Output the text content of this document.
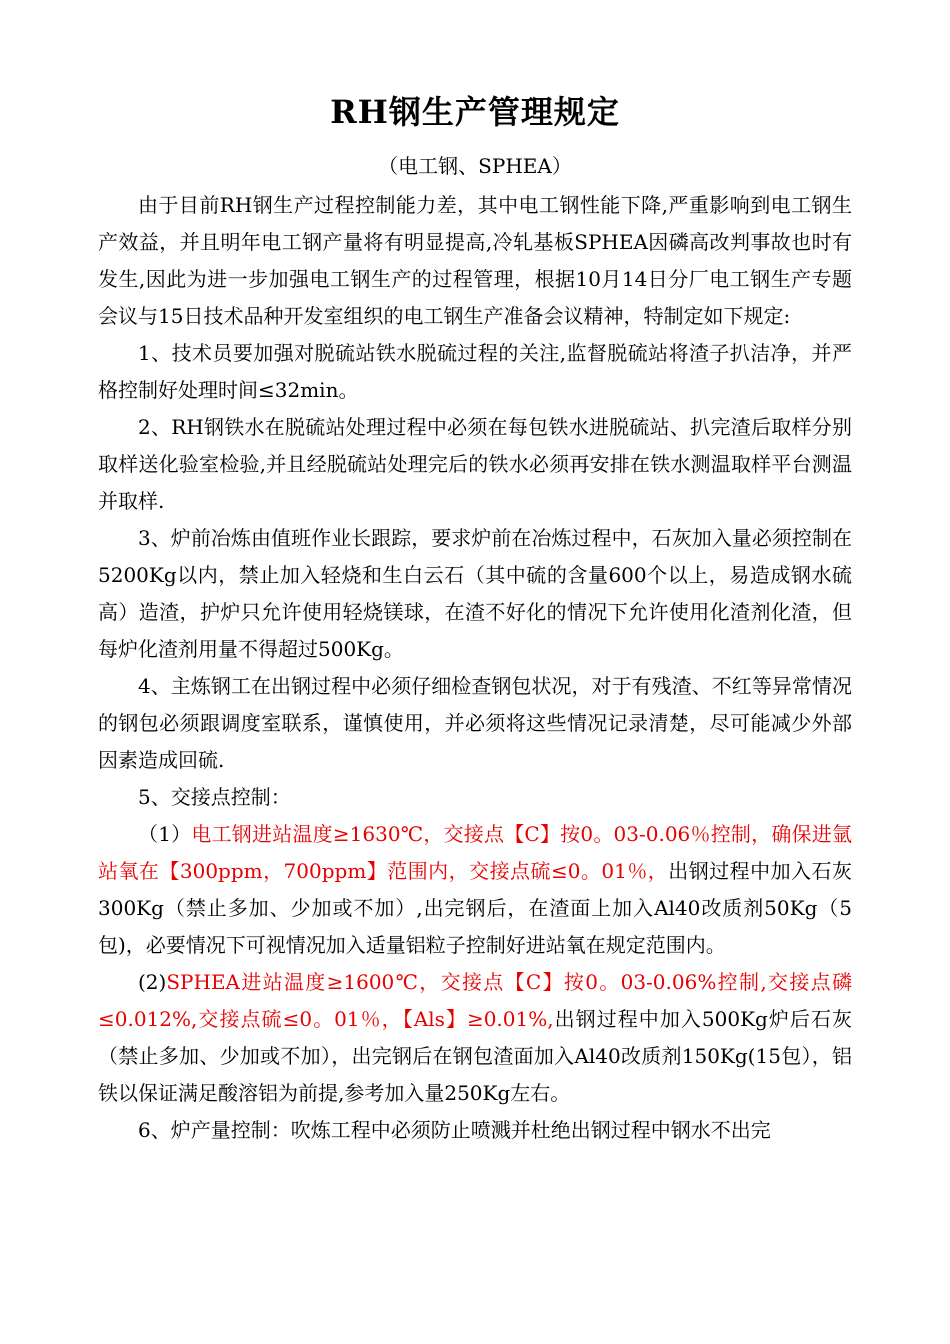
RH钢生产管理规定
（电工钢、SPHEA）

由于目前RH钢生产过程控制能力差，其中电工钢性能下降,严重影响到电工钢生产效益，并且明年电工钢产量将有明显提高,冷轧基板SPHEA因磷高改判事故也时有发生,因此为进一步加强电工钢生产的过程管理，根据10月14日分厂电工钢生产专题会议与15日技术品种开发室组织的电工钢生产准备会议精神，特制定如下规定:

1、技术员要加强对脱硫站铁水脱硫过程的关注,监督脱硫站将渣子扒洁净，并严格控制好处理时间≤32min。

2、RH钢铁水在脱硫站处理过程中必须在每包铁水进脱硫站、扒完渣后取样分别取样送化验室检验,并且经脱硫站处理完后的铁水必须再安排在铁水测温取样平台测温并取样.

3、炉前冶炼由值班作业长跟踪，要求炉前在冶炼过程中，石灰加入量必须控制在5200Kg以内，禁止加入轻烧和生白云石（其中硫的含量600个以上，易造成钢水硫高）造渣，护炉只允许使用轻烧镁球，在渣不好化的情况下允许使用化渣剂化渣，但每炉化渣剂用量不得超过500Kg。

4、主炼钢工在出钢过程中必须仔细检查钢包状况，对于有残渣、不红等异常情况的钢包必须跟调度室联系，谨慎使用，并必须将这些情况记录清楚，尽可能减少外部因素造成回硫.

5、交接点控制：

（1）电工钢进站温度≥1630℃，交接点【C】按0。03-0.06％控制，确保进氩站氧在【300ppm，700ppm】范围内，交接点硫≤0。01％，出钢过程中加入石灰300Kg（禁止多加、少加或不加）,出完钢后，在渣面上加入Al40改质剂50Kg（5包)，必要情况下可视情况加入适量铝粒子控制好进站氧在规定范围内。

(2)SPHEA进站温度≥1600℃，交接点【C】按0。03-0.06%控制,交接点磷≤0.012%,交接点硫≤0。01％，【Als】≥0.01%,出钢过程中加入500Kg炉后石灰（禁止多加、少加或不加），出完钢后在钢包渣面加入Al40改质剂150Kg(15包），铝铁以保证满足酸溶铝为前提,参考加入量250Kg左右。

6、炉产量控制：吹炼工程中必须防止喷溅并杜绝出钢过程中钢水不出完
